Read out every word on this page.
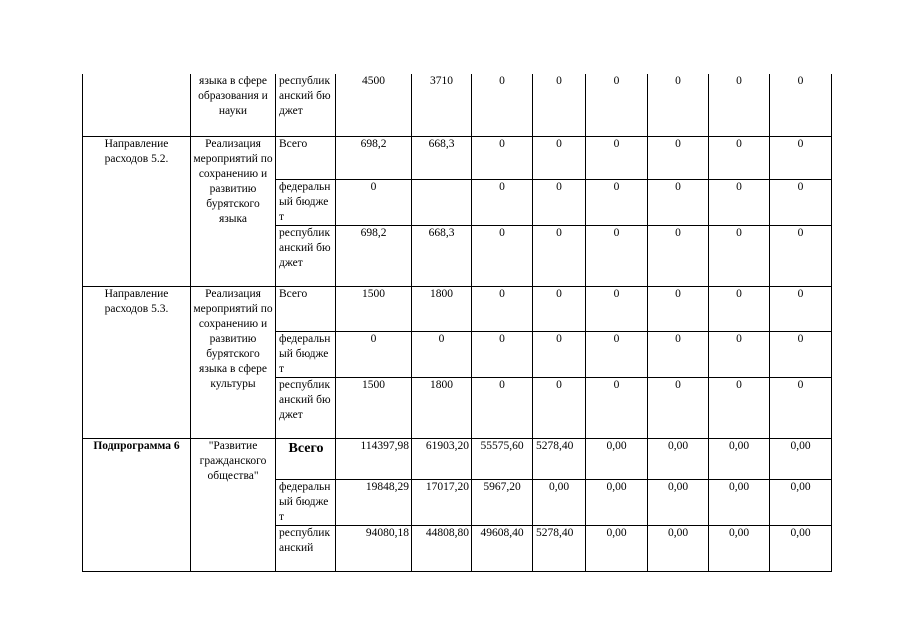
	языка в сфере образования и науки	республиканский бюджет	4500	3710	0	0	0	0	0	0
Направление расходов 5.2.	Реализация мероприятий по сохранению и развитию бурятского языка	Всего	698,2	668,3	0	0	0	0	0	0
		федеральный бюджет	0		0	0	0	0	0	0
		республиканский бюджет	698,2	668,3	0	0	0	0	0	0
Направление расходов 5.3.	Реализация мероприятий по сохранению и развитию бурятского языка в сфере культуры	Всего	1500	1800	0	0	0	0	0	0
		федеральный бюджет	0	0	0	0	0	0	0	0
		республиканский бюджет	1500	1800	0	0	0	0	0	0
Подпрограмма 6	"Развитие гражданского общества"	Всего	114397,98	61903,20	55575,60	5278,40	0,00	0,00	0,00	0,00
		федеральный бюджет	19848,29	17017,20	5967,20	0,00	0,00	0,00	0,00	0,00
		республиканский	94080,18	44808,80	49608,40	5278,40	0,00	0,00	0,00	0,00
